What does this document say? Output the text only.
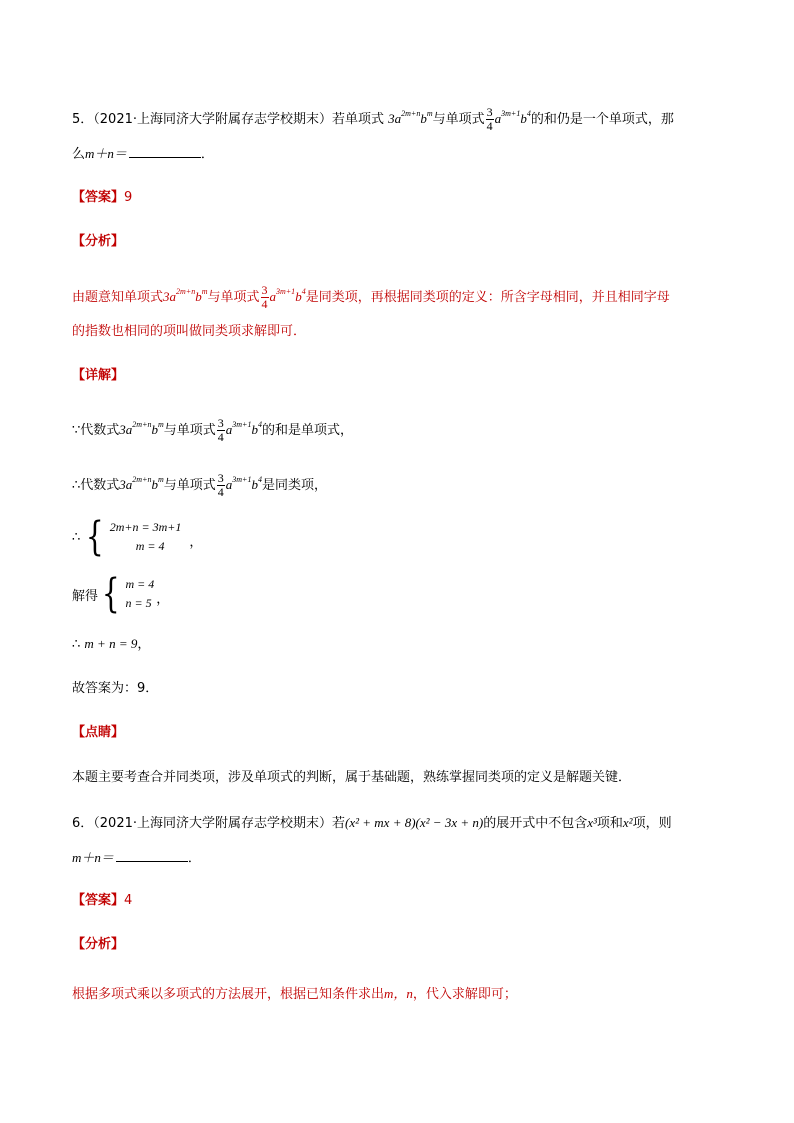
5．（2021·上海同济大学附属存志学校期末）若单项式 $3a^{2m+n}b^m$与单项式 $\frac{3}{4} a^{3m+1}b^4$的和仍是一个单项式，那
么m＋n＝	．
【答案】9
【分析】
由题意知单项式$3a^{2m+n}b^m$与单项式 $\frac{3}{4} a^{3m+1}b^4$是同类项，再根据同类项的定义：所含字母相同，并且相同字母
的指数也相同的项叫做同类项求解即可．
【详解】
∵代数式$3a^{2m+n}b^m$与单项式 $\frac{3}{4} a^{3m+1}b^4$的和是单项式，
∴代数式$3a^{2m+n}b^m$与单项式 $\frac{3}{4} a^{3m+1}b^4$是同类项，
∴ { 2m+n = 3m+1
m = 4	，
解得 { m = 4
n = 5 ，
∴ m + n = 9，
故答案为：9．
【点睛】
本题主要考查合并同类项，涉及单项式的判断，属于基础题，熟练掌握同类项的定义是解题关键．
6．（2021·上海同济大学附属存志学校期末）若(x² + mx + 8)(x² − 3x + n)的展开式中不包含x³项和x²项，则
m＋n＝	．
【答案】4
【分析】
根据多项式乘以多项式的方法展开，根据已知条件求出m，n，代入求解即可；
